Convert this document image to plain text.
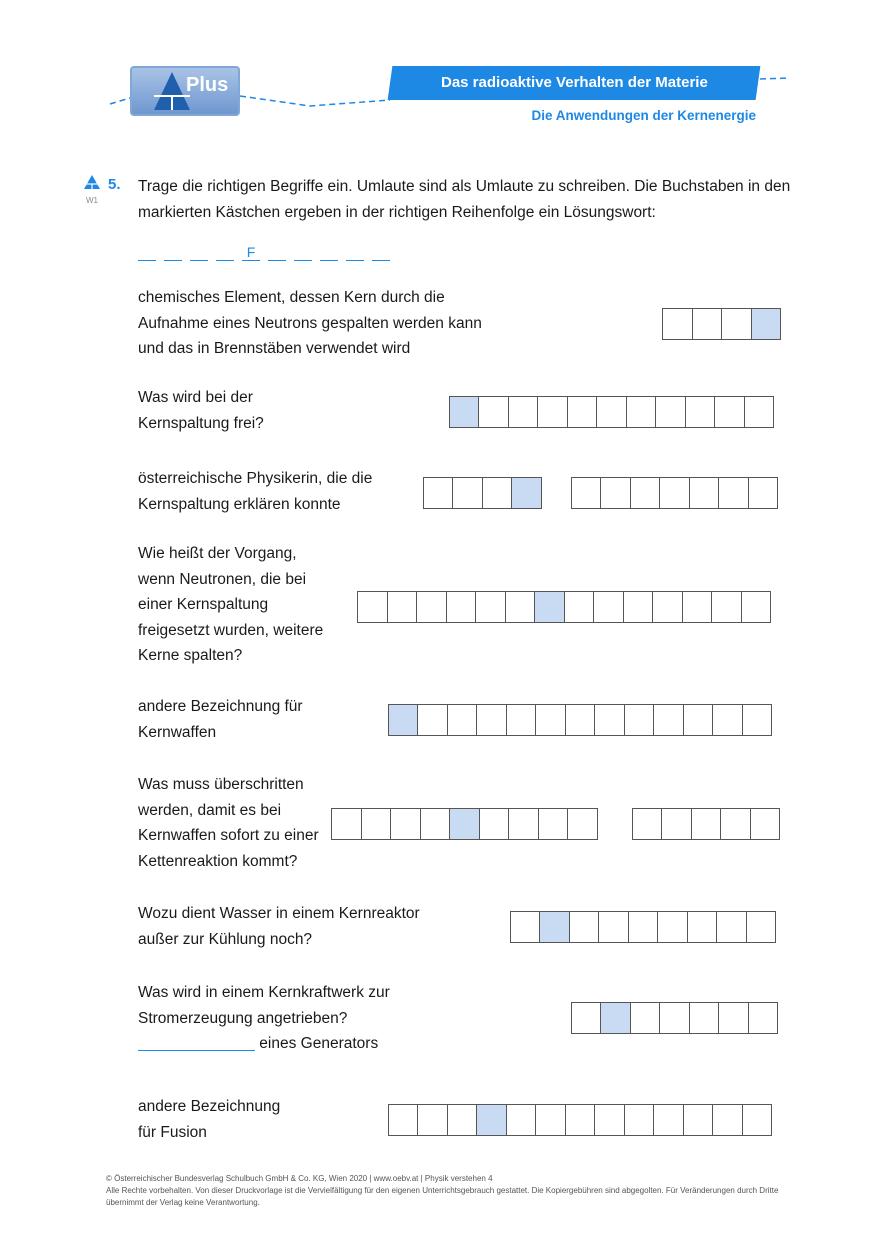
Plus	Das radioaktive Verhalten der Materie
Die Anwendungen der Kernenergie
W1
5. Trage die richtigen Begriffe ein. Umlaute sind als Umlaute zu schreiben. Die Buchstaben in den markierten Kästchen ergeben in der richtigen Reihenfolge ein Lösungswort:
F
chemisches Element, dessen Kern durch die Aufnahme eines Neutrons gespalten werden kann und das in Brennstäben verwendet wird
Was wird bei der Kernspaltung frei?
österreichische Physikerin, die die Kernspaltung erklären konnte
Wie heißt der Vorgang, wenn Neutronen, die bei einer Kernspaltung freigesetzt wurden, weitere Kerne spalten?
andere Bezeichnung für Kernwaffen
Was muss überschritten werden, damit es bei Kernwaffen sofort zu einer Kettenreaktion kommt?
Wozu dient Wasser in einem Kernreaktor außer zur Kühlung noch?
Was wird in einem Kernkraftwerk zur Stromerzeugung angetrieben?
eines Generators
andere Bezeichnung für Fusion
© Österreichischer Bundesverlag Schulbuch GmbH & Co. KG, Wien 2020 | www.oebv.at | Physik verstehen 4
Alle Rechte vorbehalten. Von dieser Druckvorlage ist die Vervielfältigung für den eigenen Unterrichtsgebrauch gestattet. Die Kopiergebühren sind abgegolten. Für Veränderungen durch Dritte übernimmt der Verlag keine Verantwortung.
